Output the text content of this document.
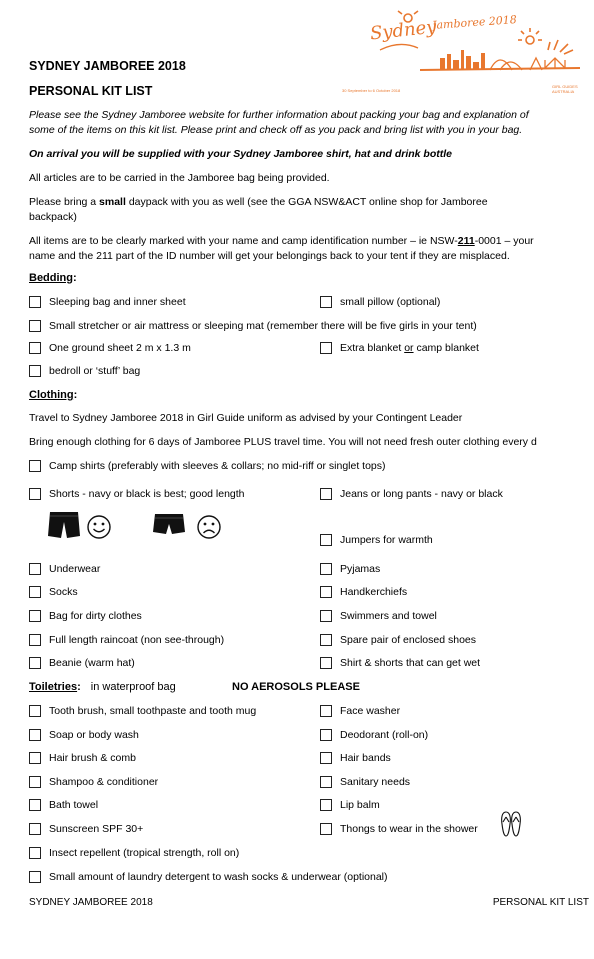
Sydney
Jamboree 2018
30 September to 6 October 2018
GIRL GUIDES AUSTRALIA
SYDNEY JAMBOREE 2018
PERSONAL KIT LIST
Please see the Sydney Jamboree website for further information about packing your bag and explanation of
some of the items on this kit list. Please print and check off as you pack and bring list with you in your bag.
On arrival you will be supplied with your Sydney Jamboree shirt, hat and drink bottle
All articles are to be carried in the Jamboree bag being provided.
Please bring a small daypack with you as well (see the GGA NSW&ACT online shop for Jamboree
backpack)
All items are to be clearly marked with your name and camp identification number – ie NSW-211-0001 – your
name and the 211 part of the ID number will get your belongings back to your tent if they are misplaced.
Bedding:
Sleeping bag and inner sheet	small pillow (optional)
Small stretcher or air mattress or sleeping mat (remember there will be five girls in your tent)
One ground sheet 2 m x 1.3 m	Extra blanket or camp blanket
bedroll or ‘stuff’ bag
Clothing:
Travel to Sydney Jamboree 2018 in Girl Guide uniform as advised by your Contingent Leader
Bring enough clothing for 6 days of Jamboree PLUS travel time. You will not need fresh outer clothing every d
Camp shirts (preferably with sleeves & collars; no mid-riff or singlet tops)
Shorts - navy or black is best; good length	Jeans or long pants - navy or black
Jumpers for warmth
Underwear	Pyjamas
Socks	Handkerchiefs
Bag for dirty clothes	Swimmers and towel
Full length raincoat (non see-through)	Spare pair of enclosed shoes
Beanie (warm hat)	Shirt & shorts that can get wet
Toiletries: in waterproof bag	NO AEROSOLS PLEASE
Tooth brush, small toothpaste and tooth mug	Face washer
Soap or body wash	Deodorant (roll-on)
Hair brush & comb	Hair bands
Shampoo & conditioner	Sanitary needs
Bath towel	Lip balm
Sunscreen SPF 30+	Thongs to wear in the shower
Insect repellent (tropical strength, roll on)
Small amount of laundry detergent to wash socks & underwear (optional)
SYDNEY JAMBOREE 2018	PERSONAL KIT LIST
